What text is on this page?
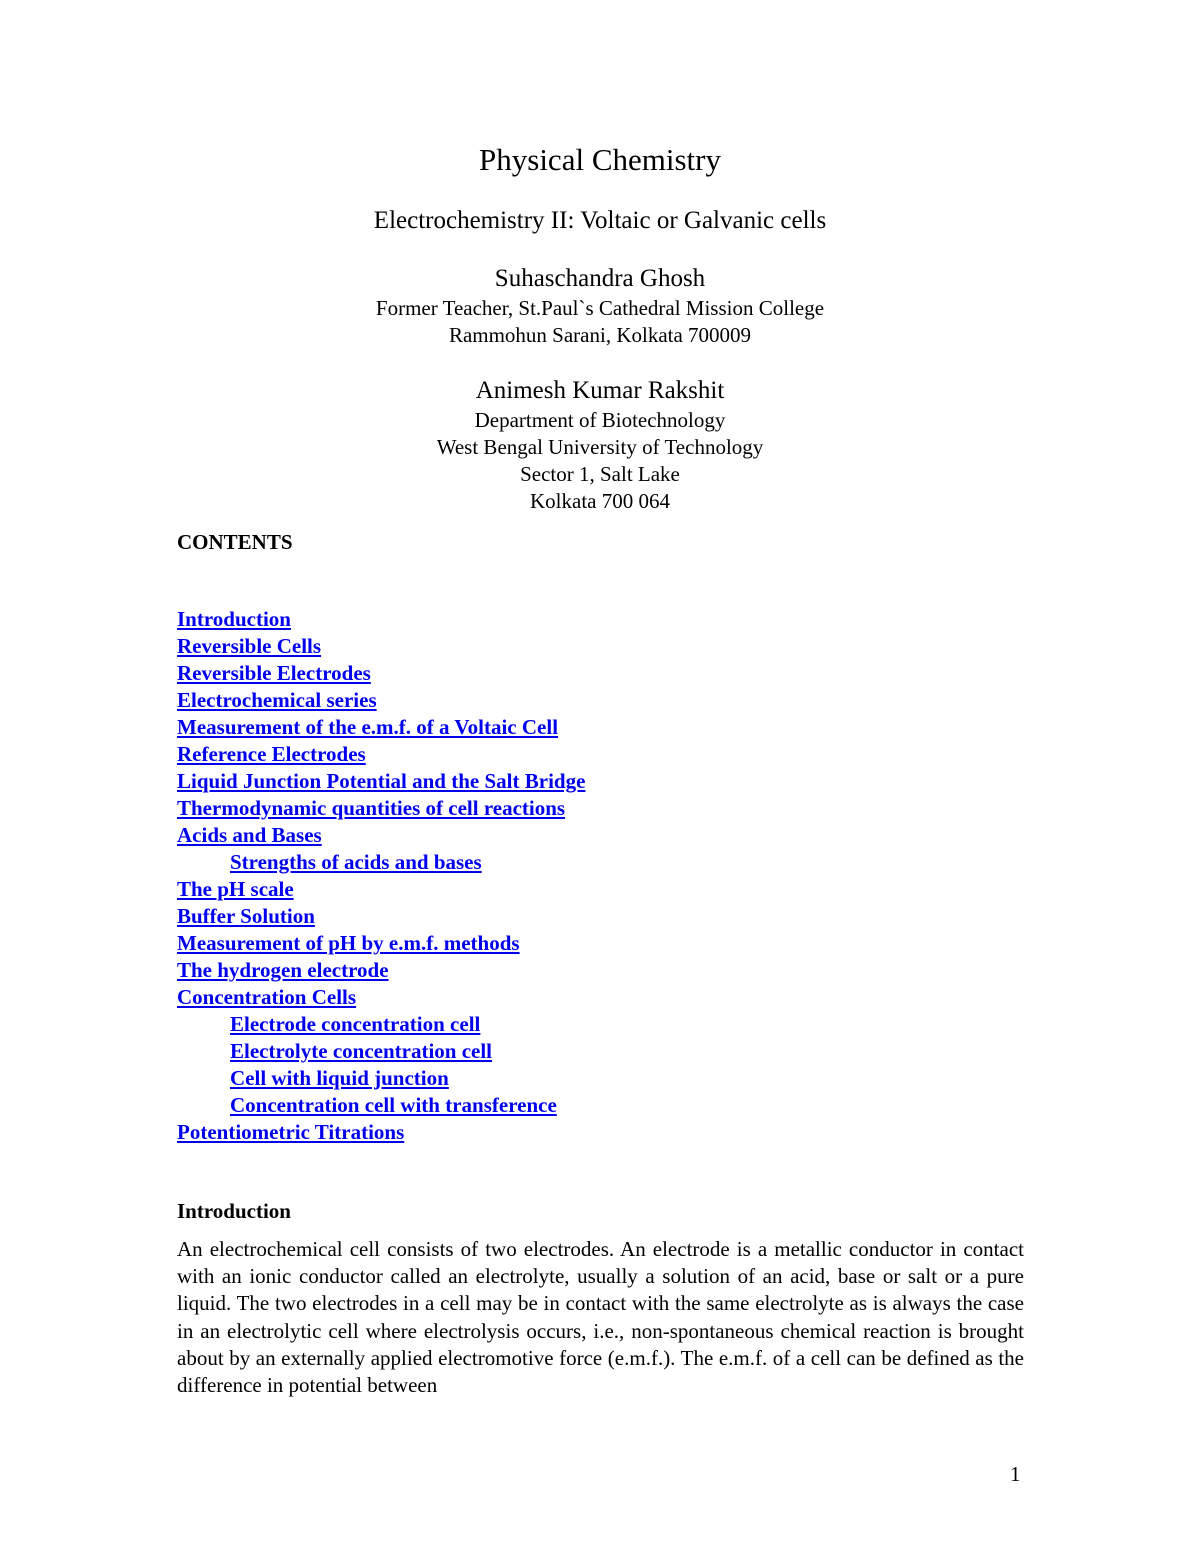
Physical Chemistry
Electrochemistry II: Voltaic or Galvanic cells

Suhaschandra Ghosh

Former Teacher, St.Paul`s Cathedral Mission College

Rammohun Sarani, Kolkata 700009

Animesh Kumar Rakshit

Department of Biotechnology

West Bengal University of Technology

Sector 1, Salt Lake

Kolkata 700 064

CONTENTS

Introduction
Reversible Cells
Reversible Electrodes
Electrochemical series
Measurement of the e.m.f. of a Voltaic Cell
Reference Electrodes
Liquid Junction Potential and the Salt Bridge
Thermodynamic quantities of cell reactions
Acids and Bases
Strengths of acids and bases
The pH scale
Buffer Solution
Measurement of pH by e.m.f. methods
The hydrogen electrode
Concentration Cells
Electrode concentration cell
Electrolyte concentration cell
Cell with liquid junction
Concentration cell with transference
Potentiometric Titrations

Introduction

An electrochemical cell consists of two electrodes. An electrode is a metallic conductor in contact with an ionic conductor called an electrolyte, usually a solution of an acid, base or salt or a pure liquid. The two electrodes in a cell may be in contact with the same electrolyte as is always the case in an electrolytic cell where electrolysis occurs, i.e., non-spontaneous chemical reaction is brought about by an externally applied electromotive force (e.m.f.). The e.m.f. of a cell can be defined as the difference in potential between

1
